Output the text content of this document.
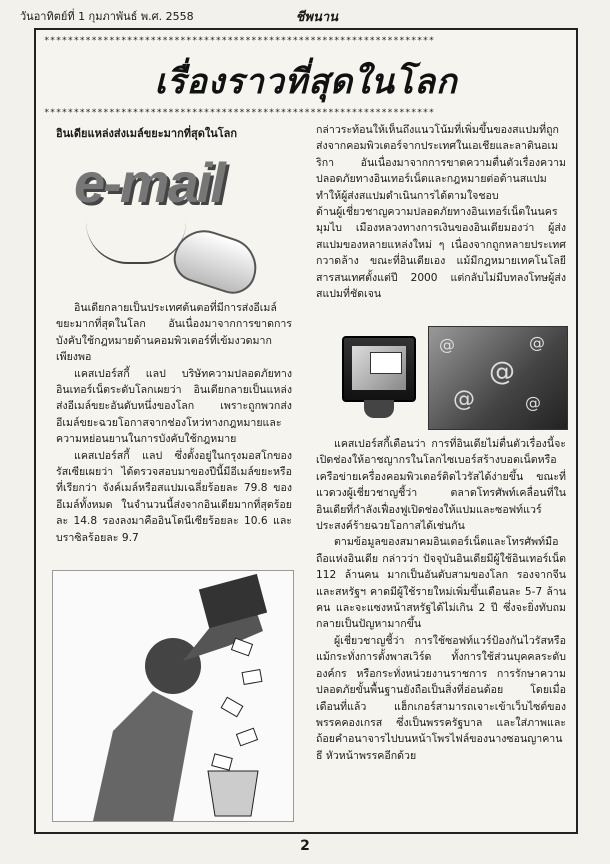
วันอาทิตย์ที่ 1 กุมภาพันธ์ พ.ศ. 2558	ชีพนาน
******************************************************************
เรื่องราวที่สุดในโลก
******************************************************************
อินเดียแหล่งส่งเมล์ขยะมากที่สุดในโลก
e-mail

อินเดียกลายเป็นประเทศต้นตอที่มีการส่งอีเมล์ขยะมากที่สุดในโลก อันเนื่องมาจากการขาดการบังคับใช้กฎหมายด้านคอมพิวเตอร์ที่เข้มงวดมากเพียงพอ

แคสเปอร์สกี้ แลป บริษัทความปลอดภัยทางอินเทอร์เน็ตระดับโลกเผยว่า อินเดียกลายเป็นแหล่งส่งอีเมล์ขยะอันดับหนึ่งของโลก เพราะถูกพวกส่งอีเมล์ขยะฉวยโอกาสจากช่องโหว่ทางกฎหมายและความหย่อนยานในการบังคับใช้กฎหมาย

แคสเปอร์สกี้ แลป ซึ่งตั้งอยู่ในกรุงมอสโกของรัสเซียเผยว่า ได้ตรวจสอบมาของปีนี้มีอีเมล์ขยะหรือที่เรียกว่า จังค์เมล์หรือสแปมเฉลี่ยร้อยละ 79.8 ของอีเมล์ทั้งหมด ในจำนวนนี้ส่งจากอินเดียมากที่สุดร้อยละ 14.8 รองลงมาคืออินโดนีเซียร้อยละ 10.6 และบราซิลร้อยละ 9.7

กล่าวระท้อนให้เห็นถึงแนวโน้มที่เพิ่มขึ้นของสแปมที่ถูกส่งจากคอมพิวเตอร์จากประเทศในเอเชียและลาตินอเมริกา อันเนื่องมาจากการขาดความตื่นตัวเรื่องความปลอดภัยทางอินเทอร์เน็ตและกฎหมายต่อต้านสแปมทำให้ผู้ส่งสแปมดำเนินการได้ตามใจชอบ

ด้านผู้เชี่ยวชาญความปลอดภัยทางอินเทอร์เน็ตในนครมุมไบ เมืองหลวงทางการเงินของอินเดียมองว่า ผู้ส่งสแปมของหลายแหล่งใหม่ ๆ เนื่องจากถูกหลายประเทศกวาดล้าง ขณะที่อินเดียเอง แม้มีกฎหมายเทคโนโลยีสารสนเทศตั้งแต่ปี 2000 แต่กลับไม่มีบทลงโทษผู้ส่งสแปมที่ชัดเจน

@
@
@
@	@

แคสเปอร์สกี้เตือนว่า การที่อินเดียไม่ตื่นตัวเรื่องนี้จะเปิดช่องให้อาชญากรในโลกไซเบอร์สร้างบอตเน็ตหรือเครือข่ายเครื่องคอมพิวเตอร์ติดไวรัสได้ง่ายขึ้น ขณะที่แวดวงผู้เชี่ยวชาญชี้ว่า ตลาดโทรศัพท์เคลื่อนที่ในอินเดียที่กำลังเฟื่องฟูเปิดช่องให้แปมและซอฟท์แวร์ประสงค์ร้ายฉวยโอกาสได้เช่นกัน

ตามข้อมูลของสมาคมอินเตอร์เน็ตและโทรศัพท์มือถือแห่งอินเดีย กล่าวว่า ปัจจุบันอินเดียมีผู้ใช้อินเทอร์เน็ต 112 ล้านคน มากเป็นอันดับสามของโลก รองจากจีนและสหรัฐฯ คาดมีผู้ใช้รายใหม่เพิ่มขึ้นเดือนละ 5-7 ล้านคน และจะแซงหน้าสหรัฐได้ไม่เกิน 2 ปี ซึ่งจะยิ่งทับถมกลายเป็นปัญหามากขึ้น

ผู้เชี่ยวชาญชี้ว่า การใช้ซอฟท์แวร์ป้องกันไวรัสหรือแม้กระทั่งการตั้งพาสเวิร์ด ทั้งการใช้ส่วนบุคคลระดับองค์กร หรือกระทั่งหน่วยงานราชการ การรักษาความปลอดภัยขั้นพื้นฐานยังถือเป็นสิ่งที่อ่อนด้อย โดยเมื่อเดือนที่แล้ว แฮ็กเกอร์สามารถเจาะเข้าเว็บไซต์ของพรรคคองเกรส ซึ่งเป็นพรรครัฐบาล และใส่ภาพและถ้อยคำอนาจารไปบนหน้าโพรไฟล์ของนางซอนญาคานธี หัวหน้าพรรคอีกด้วย

2
